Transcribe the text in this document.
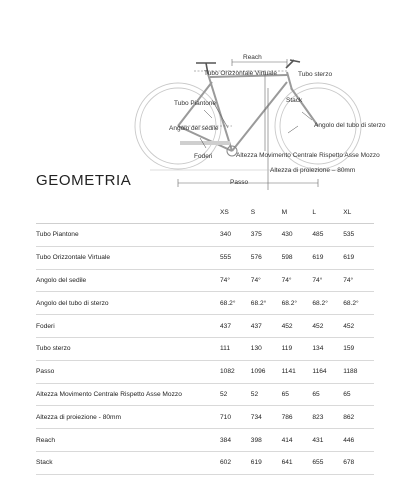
Reach
Tubo Orizzontale Virtuale	Tubo sterzo
Stack
Tubo Piantone
Angolo del sedile	Angolo del tubo di sterzo
Foderi	Altezza Movimento Centrale Rispetto Asse Mozzo
Altezza di proiezione – 80mm
Passo
GEOMETRIA
	XS	S	M	L	XL
Tubo Piantone	340	375	430	485	535
Tubo Orizzontale Virtuale	555	576	598	619	619
Angolo del sedile	74°	74°	74°	74°	74°
Angolo del tubo di sterzo	68.2°	68.2°	68.2°	68.2°	68.2°
Foderi	437	437	452	452	452
Tubo sterzo	111	130	119	134	159
Passo	1082	1096	1141	1164	1188
Altezza Movimento Centrale Rispetto Asse Mozzo	52	52	65	65	65
Altezza di proiezione - 80mm	710	734	786	823	862
Reach	384	398	414	431	446
Stack	602	619	641	655	678
